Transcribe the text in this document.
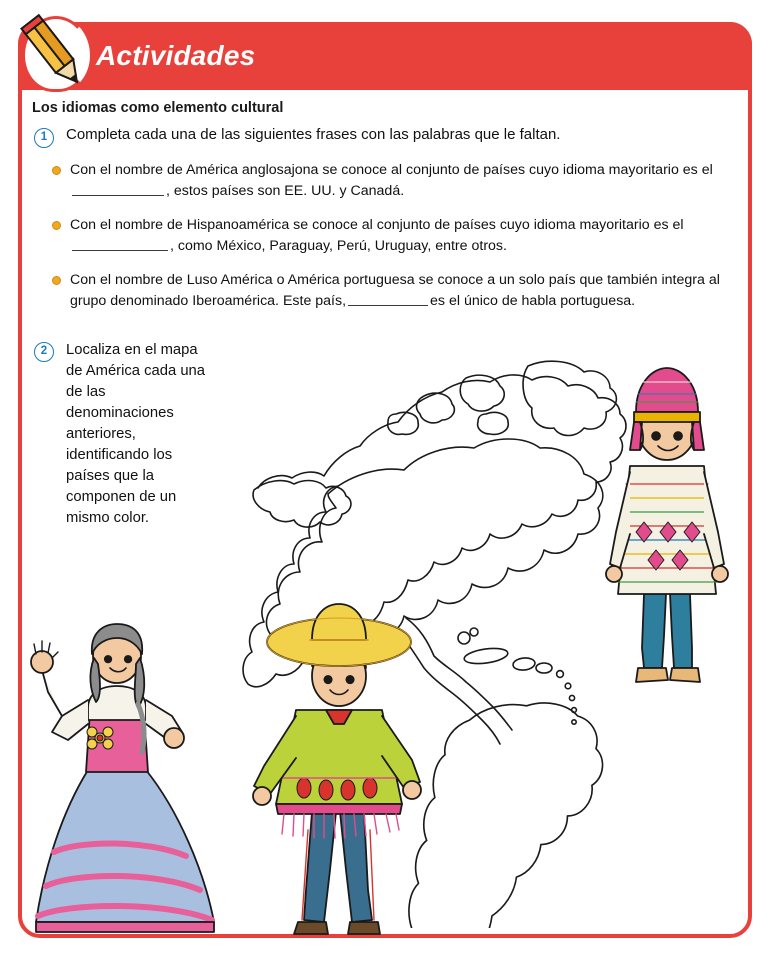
Actividades
Los idiomas como elemento cultural
1	Completa cada una de las siguientes frases con las palabras que le faltan.
Con el nombre de América anglosajona se conoce al conjunto de países cuyo idioma mayoritario es el, estos países son EE. UU. y Canadá.
Con el nombre de Hispanoamérica se conoce al conjunto de países cuyo idioma mayoritario es el, como México, Paraguay, Perú, Uruguay, entre otros.
Con el nombre de Luso América o América portuguesa se conoce a un solo país que también integra al grupo denominado Iberoamérica. Este país,	es el único de habla portuguesa.
2	Localiza en el mapa de América cada una de las denominaciones anteriores, identificando los países que la componen de un mismo color.
